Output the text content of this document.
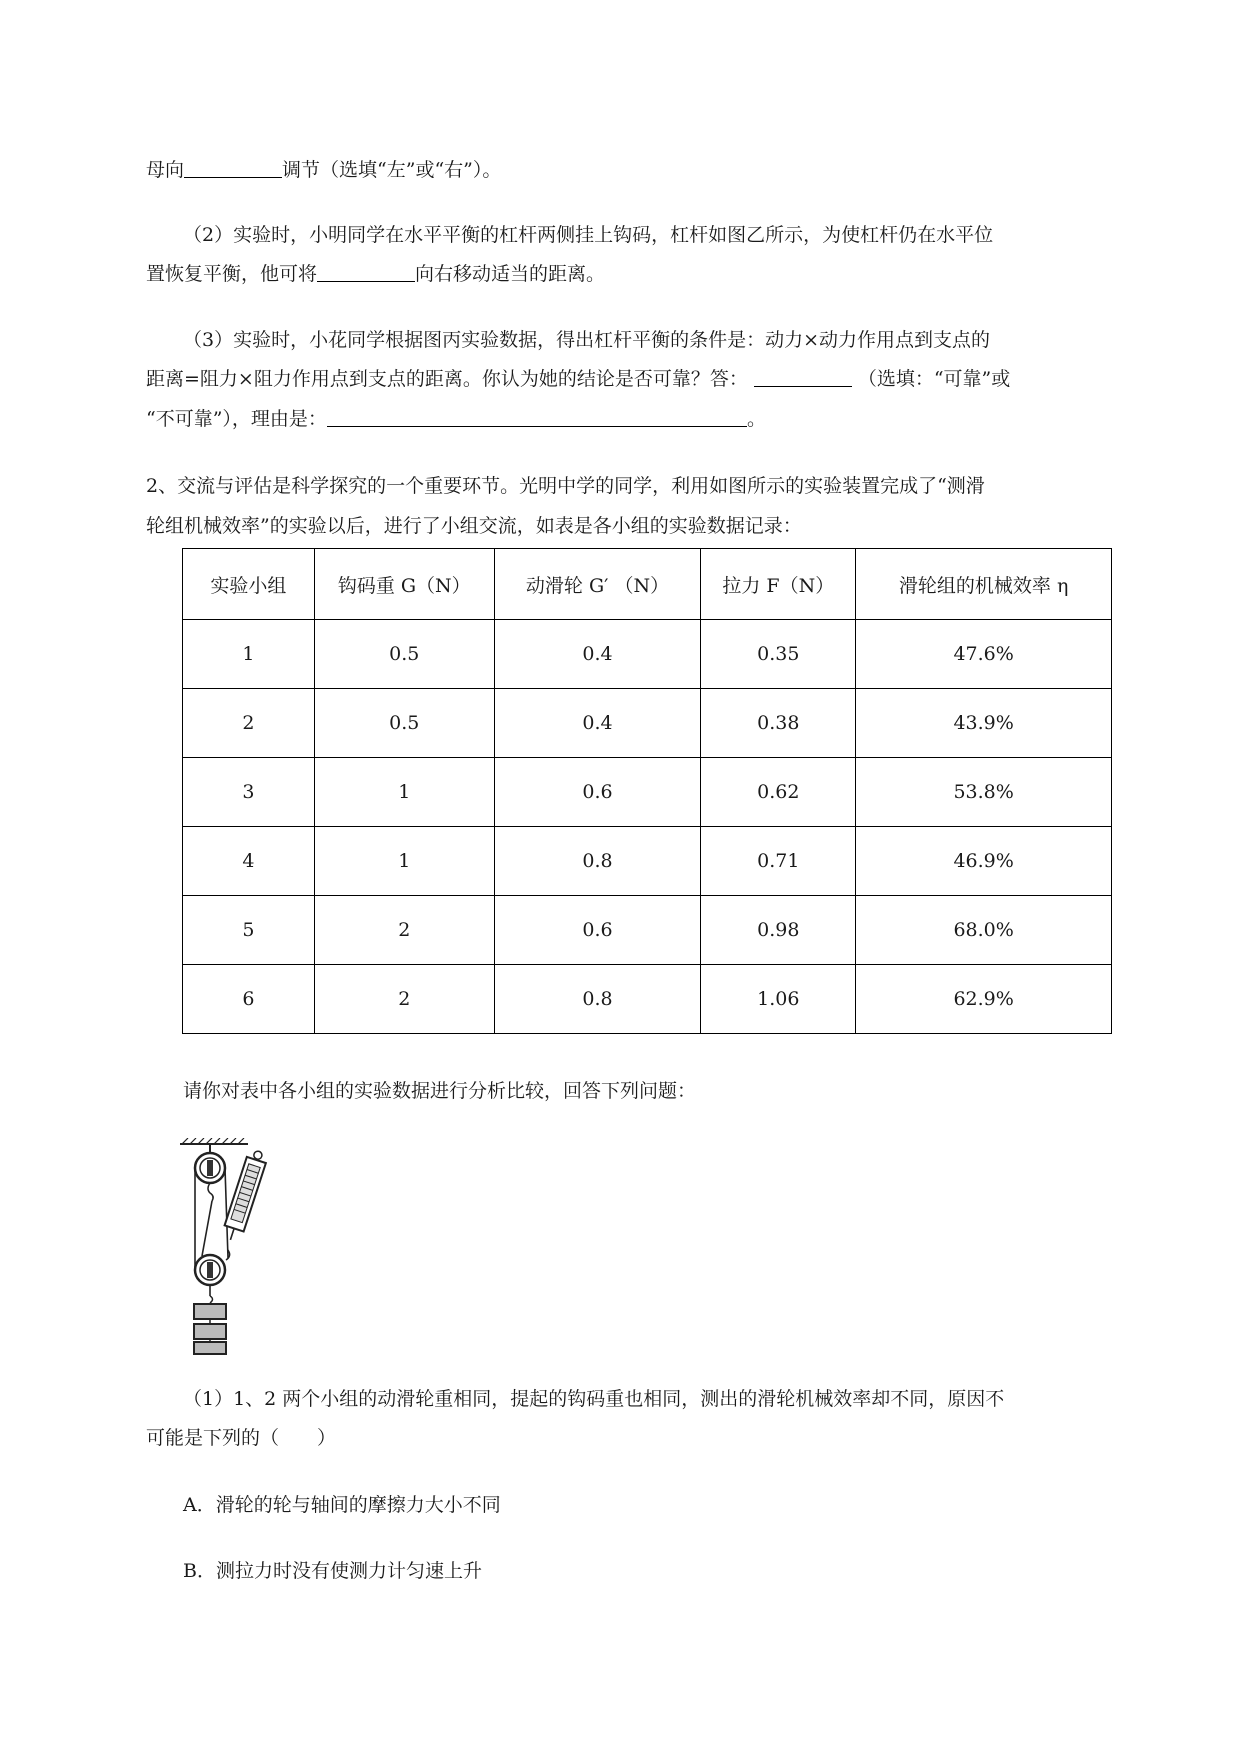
母向	调节（选填“左”或“右”）。
（2）实验时，小明同学在水平平衡的杠杆两侧挂上钩码，杠杆如图乙所示，为使杠杆仍在水平位
置恢复平衡，他可将	向右移动适当的距离。
（3）实验时，小花同学根据图丙实验数据，得出杠杆平衡的条件是：动力×动力作用点到支点的
距离=阻力×阻力作用点到支点的距离。你认为她的结论是否可靠？答：	（选填：“可靠”或
“不可靠”），理由是：	。
2、交流与评估是科学探究的一个重要环节。光明中学的同学，利用如图所示的实验装置完成了“测滑
轮组机械效率”的实验以后，进行了小组交流，如表是各小组的实验数据记录：
实验小组	钩码重 G（N）	动滑轮 G′ （N）	拉力 F（N）	滑轮组的机械效率 η
1	0.5	0.4	0.35	47.6%
2	0.5	0.4	0.38	43.9%
3	1	0.6	0.62	53.8%
4	1	0.8	0.71	46.9%
5	2	0.6	0.98	68.0%
6	2	0.8	1.06	62.9%
请你对表中各小组的实验数据进行分析比较，回答下列问题：
（1）1、2 两个小组的动滑轮重相同，提起的钩码重也相同，测出的滑轮机械效率却不同，原因不
可能是下列的（　　）
A．滑轮的轮与轴间的摩擦力大小不同
B．测拉力时没有使测力计匀速上升
